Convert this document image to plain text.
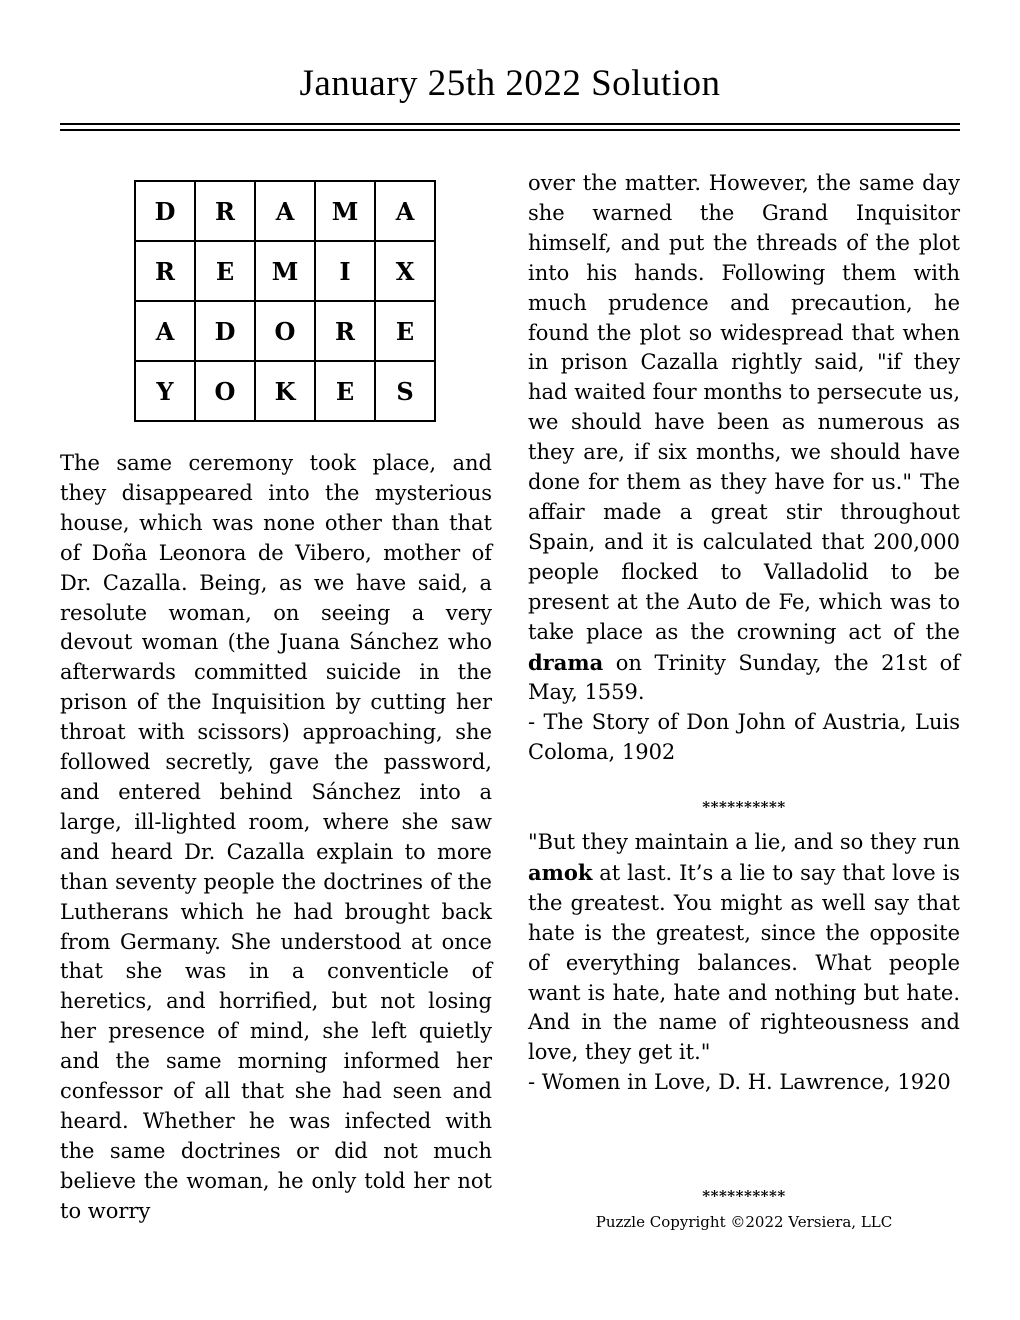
January 25th 2022 Solution
D	R	A	M	A
R	E	M	I	X
A	D	O	R	E
Y	O	K	E	S

The same ceremony took place, and they disappeared into the mysterious house, which was none other than that of Doña Leonora de Vibero, mother of Dr. Cazalla. Being, as we have said, a resolute woman, on seeing a very devout woman (the Juana Sánchez who afterwards committed suicide in the prison of the Inquisition by cutting her throat with scissors) approaching, she followed secretly, gave the password, and entered behind Sánchez into a large, ill-lighted room, where she saw and heard Dr. Cazalla explain to more than seventy people the doctrines of the Lutherans which he had brought back from Germany. She understood at once that she was in a conventicle of heretics, and horrified, but not losing her presence of mind, she left quietly and the same morning informed her confessor of all that she had seen and heard. Whether he was infected with the same doctrines or did not much believe the woman, he only told her not to worry

over the matter. However, the same day she warned the Grand Inquisitor himself, and put the threads of the plot into his hands. Following them with much prudence and precaution, he found the plot so widespread that when in prison Cazalla rightly said, "if they had waited four months to persecute us, we should have been as numerous as they are, if six months, we should have done for them as they have for us." The affair made a great stir throughout Spain, and it is calculated that 200,000 people flocked to Valladolid to be present at the Auto de Fe, which was to take place as the crowning act of the drama on Trinity Sunday, the 21st of May, 1559.

- The Story of Don John of Austria, Luis Coloma, 1902

**********

"But they maintain a lie, and so they run amok at last. It’s a lie to say that love is the greatest. You might as well say that hate is the greatest, since the opposite of everything balances. What people want is hate, hate and nothing but hate. And in the name of righteousness and love, they get it."

- Women in Love, D. H. Lawrence, 1920

**********
Puzzle Copyright ©2022 Versiera, LLC
